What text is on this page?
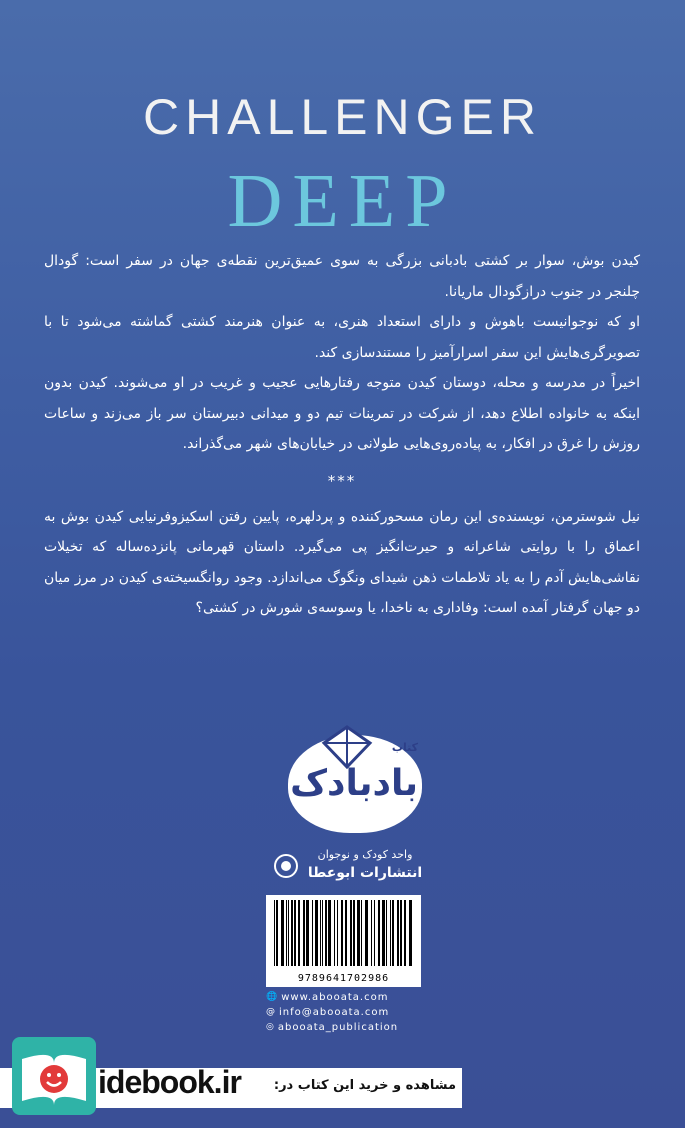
CHALLENGER
DEEP

کیدن بوش، سوار بر کشتی بادبانی بزرگی به سوی عمیق‌ترین نقطه‌ی جهان در سفر است: گودال چلنجر در جنوب درازگودال ماریانا.

او که نوجوانیست باهوش و دارای استعداد هنری، به عنوان هنرمند کشتی گماشته می‌شود تا با تصویرگری‌هایش این سفر اسرارآمیز را مستندسازی کند.

اخیراً در مدرسه و محله، دوستان کیدن متوجه رفتارهایی عجیب و غریب در او می‌شوند. کیدن بدون اینکه به خانواده اطلاع دهد، از شرکت در تمرینات تیم دو و میدانی دبیرستان سر باز می‌زند و ساعات روزش را غرق در افکار، به پیاده‌روی‌هایی طولانی در خیابان‌های شهر می‌گذراند.

***

نیل شوسترمن، نویسنده‌ی این رمان مسحورکننده و پردلهره، پایین رفتن اسکیزوفرنیایی کیدن بوش به اعماق را با روایتی شاعرانه و حیرت‌انگیز پی می‌گیرد. داستان قهرمانی پانزده‌ساله که تخیلات نقاشی‌هایش آدم را به یاد تلاطمات ذهن شیدای ونگوگ می‌اندازد. وجود روانگسیخته‌ی کیدن در مرز میان دو جهان گرفتار آمده است: وفاداری به ناخدا، یا وسوسه‌ی شورش در کشتی؟

کتاب
بادبادک
واحد کودک و نوجوان
انتشارات ابوعطا
9789641702986
🌐 www.abooata.com
@ info@abooata.com
◎ abooata_publication
idebook.ir	مشاهده و خرید این کتاب در:
